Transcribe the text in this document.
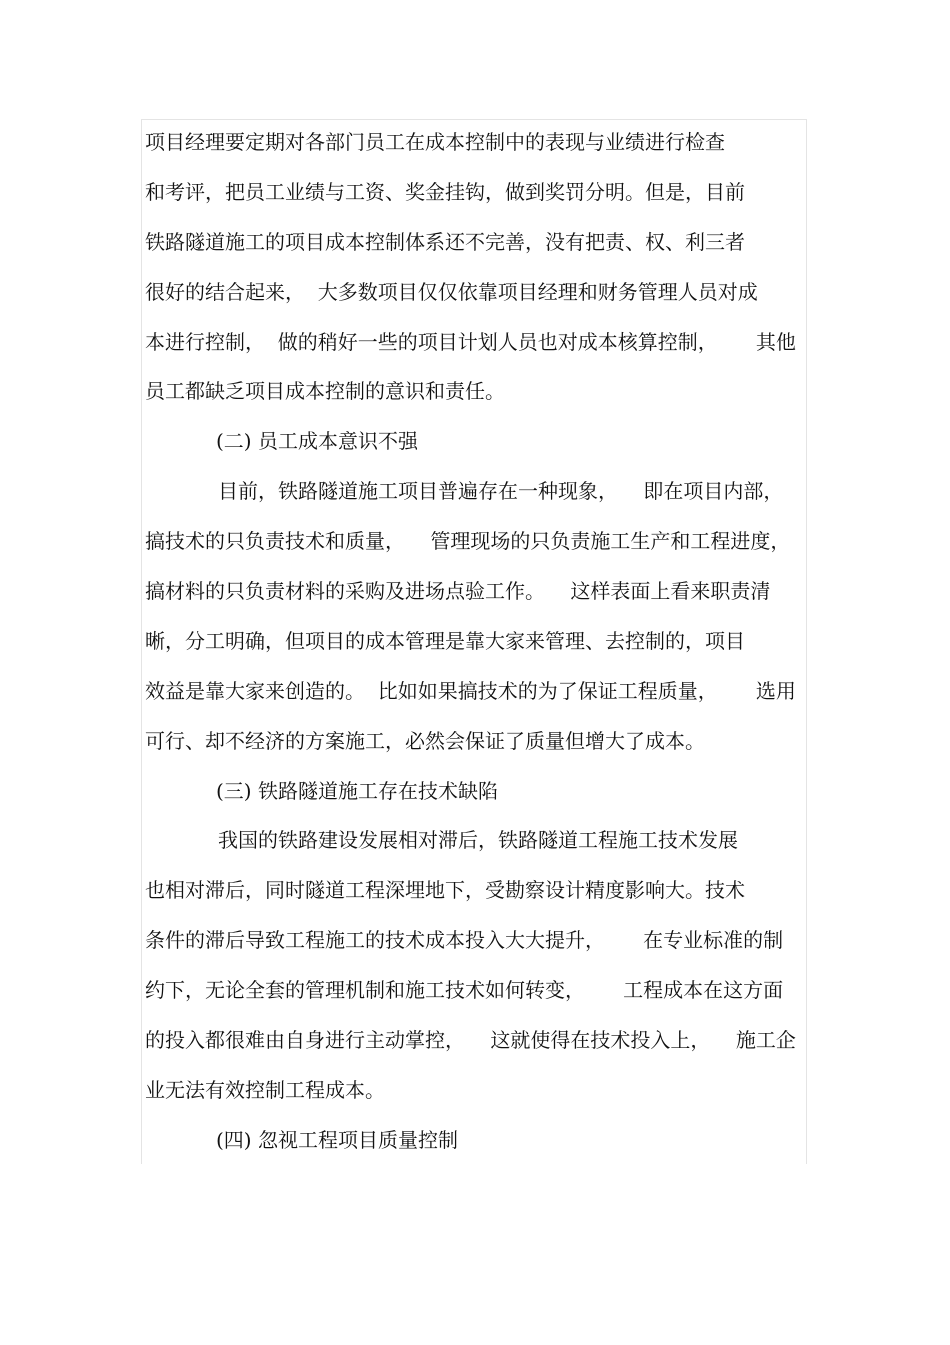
项目经理要定期对各部门员工在成本控制中的表现与业绩进行检查
和考评，把员工业绩与工资、奖金挂钩，做到奖罚分明。但是，目前
铁路隧道施工的项目成本控制体系还不完善，没有把责、权、利三者
很好的结合起来，  大多数项目仅仅依靠项目经理和财务管理人员对成
本进行控制，  做的稍好一些的项目计划人员也对成本核算控制，      其他
员工都缺乏项目成本控制的意识和责任。
(二) 员工成本意识不强
目前，铁路隧道施工项目普遍存在一种现象，    即在项目内部，
搞技术的只负责技术和质量，    管理现场的只负责施工生产和工程进度，
搞材料的只负责材料的采购及进场点验工作。    这样表面上看来职责清
晰，分工明确，但项目的成本管理是靠大家来管理、去控制的，项目
效益是靠大家来创造的。  比如如果搞技术的为了保证工程质量，      选用
可行、却不经济的方案施工，必然会保证了质量但增大了成本。
(三) 铁路隧道施工存在技术缺陷
我国的铁路建设发展相对滞后，铁路隧道工程施工技术发展
也相对滞后，同时隧道工程深埋地下，受勘察设计精度影响大。技术
条件的滞后导致工程施工的技术成本投入大大提升，      在专业标准的制
约下，无论全套的管理机制和施工技术如何转变，      工程成本在这方面
的投入都很难由自身进行主动掌控，    这就使得在技术投入上，    施工企
业无法有效控制工程成本。
(四) 忽视工程项目质量控制
